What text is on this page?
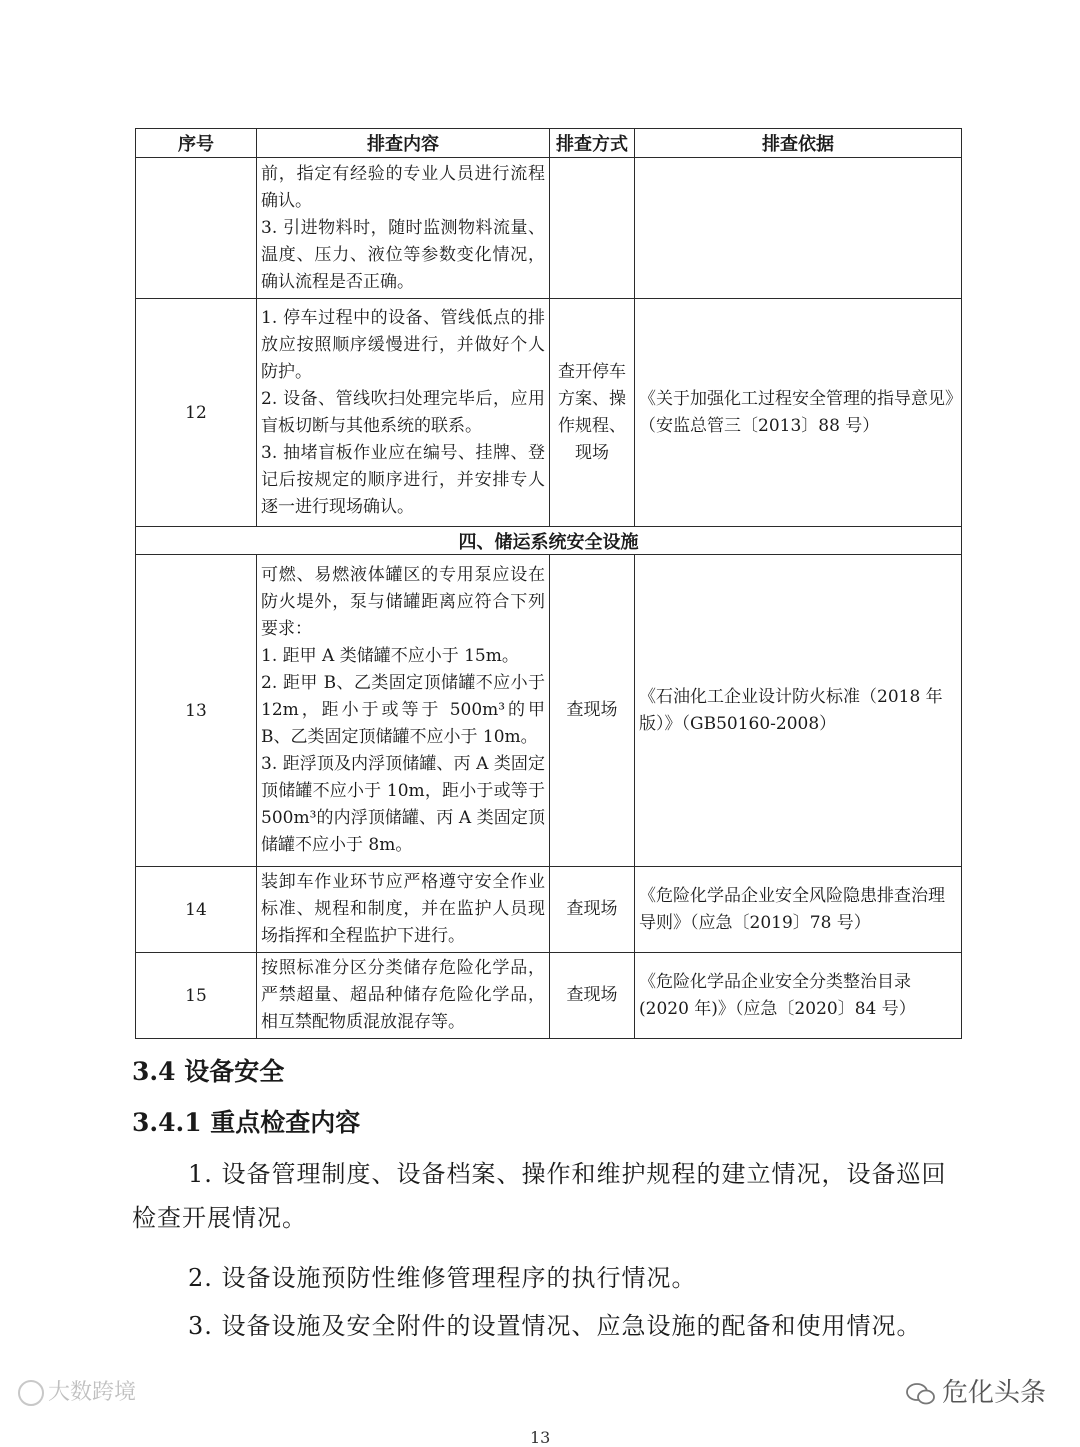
序号	排查内容	排查方式	排查依据

	前，指定有经验的专业人员进行流程确认。
3. 引进物料时，随时监测物料流量、温度、压力、液位等参数变化情况，确认流程是否正确。		

12	1. 停车过程中的设备、管线低点的排放应按照顺序缓慢进行，并做好个人防护。
2. 设备、管线吹扫处理完毕后，应用盲板切断与其他系统的联系。
3. 抽堵盲板作业应在编号、挂牌、登记后按规定的顺序进行，并安排专人逐一进行现场确认。	查开停车方案、操作规程、现场	《关于加强化工过程安全管理的指导意见》（安监总管三〔2013〕88 号）
四、储运系统安全设施			
13	可燃、易燃液体罐区的专用泵应设在防火堤外，泵与储罐距离应符合下列要求：
1. 距甲 A 类储罐不应小于 15m。
2. 距甲 B、乙类固定顶储罐不应小于 12m，距小于或等于 500m³的甲 B、乙类固定顶储罐不应小于 10m。
3. 距浮顶及内浮顶储罐、丙 A 类固定顶储罐不应小于 10m，距小于或等于 500m³的内浮顶储罐、丙 A 类固定顶储罐不应小于 8m。	查现场	《石油化工企业设计防火标准（2018 年版）》（GB50160-2008）
14	装卸车作业环节应严格遵守安全作业标准、规程和制度，并在监护人员现场指挥和全程监护下进行。	查现场	《危险化学品企业安全风险隐患排查治理导则》（应急〔2019〕78 号）
15	按照标准分区分类储存危险化学品，严禁超量、超品种储存危险化学品，相互禁配物质混放混存等。	查现场	《危险化学品企业安全分类整治目录(2020 年)》（应急〔2020〕84 号）
3.4 设备安全
3.4.1 重点检查内容

1. 设备管理制度、设备档案、操作和维护规程的建立情况，设备巡回检查开展情况。

2. 设备设施预防性维修管理程序的执行情况。

3. 设备设施及安全附件的设置情况、应急设施的配备和使用情况。

大数跨境	危化头条
13
